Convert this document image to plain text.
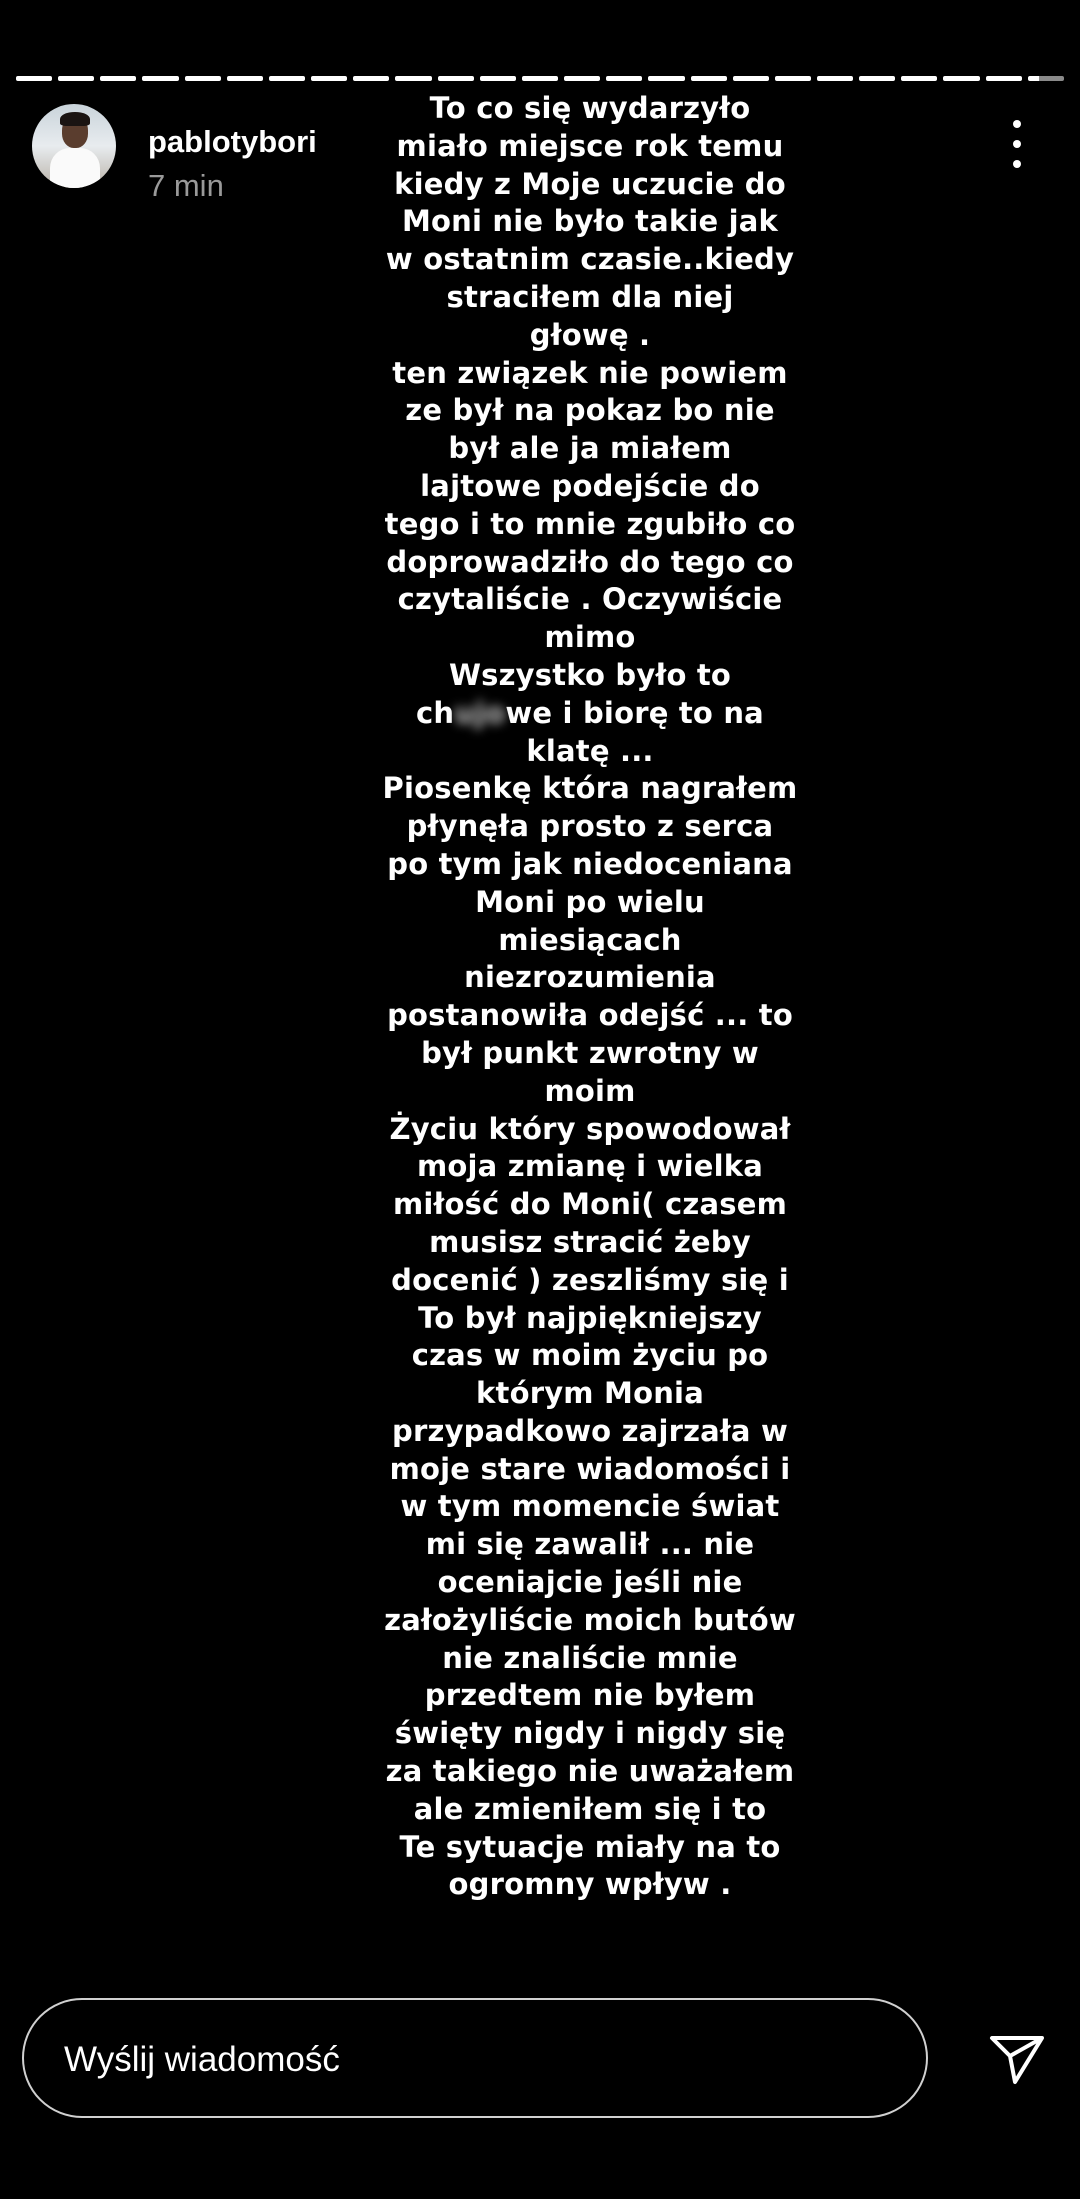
pablotybori
7 min
To co się wydarzyło
miało miejsce rok temu
kiedy z Moje uczucie do
Moni nie było takie jak
w ostatnim czasie..kiedy
straciłem dla niej
głowę .
ten związek nie powiem
ze był na pokaz bo nie
był ale ja miałem
lajtowe podejście do
tego i to mnie zgubiło co
doprowadziło do tego co
czytaliście . Oczywiście
mimo
Wszystko było to
chujowe i biorę to na
klatę ...
Piosenkę która nagrałem
płynęła prosto z serca
po tym jak niedoceniana
Moni po wielu
miesiącach
niezrozumienia
postanowiła odejść ... to
był punkt zwrotny w
moim
Życiu który spowodował
moja zmianę i wielka
miłość do Moni( czasem
musisz stracić żeby
docenić ) zeszliśmy się i
To był najpiękniejszy
czas w moim życiu po
którym Monia
przypadkowo zajrzała w
moje stare wiadomości i
w tym momencie świat
mi się zawalił ... nie
oceniajcie jeśli nie
założyliście moich butów
nie znaliście mnie
przedtem nie byłem
święty nigdy i nigdy się
za takiego nie uważałem
ale zmieniłem się i to
Te sytuacje miały na to
ogromny wpływ .
Wyślij wiadomość
